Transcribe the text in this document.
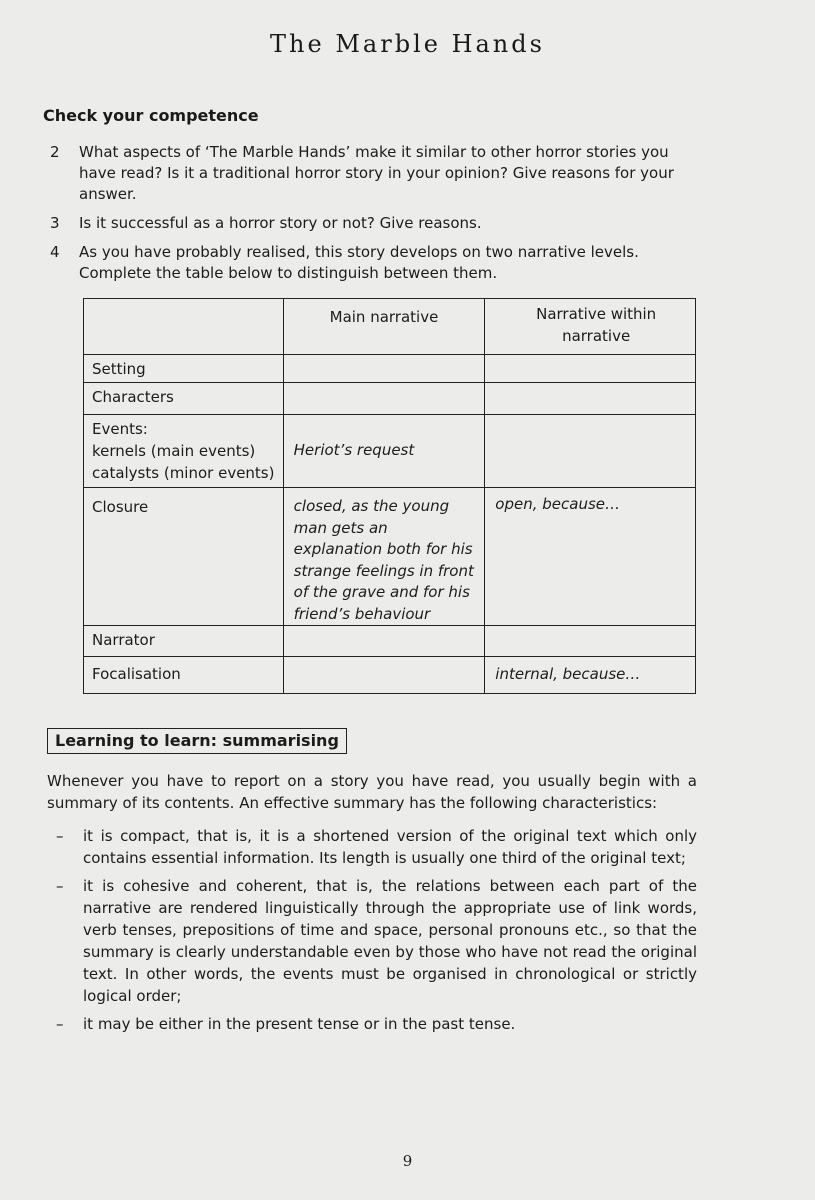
The Marble Hands
Check your competence
2	What aspects of ‘The Marble Hands’ make it similar to other horror stories you have read? Is it a traditional horror story in your opinion? Give reasons for your answer.
3	Is it successful as a horror story or not? Give reasons.
4	As you have probably realised, this story develops on two narrative levels. Complete the table below to distinguish between them.

	Main narrative	Narrative within narrative

Setting		
Characters		
Events:
kernels (main events)
catalysts (minor events)	Heriot’s request	
Closure	closed, as the young man gets an explanation both for his strange feelings in front of the grave and for his friend’s behaviour	open, because…
Narrator		
Focalisation		internal, because…
Learning to learn: summarising
Whenever you have to report on a story you have read, you usually begin with a summary of its contents. An effective summary has the following characteristics:
–	it is compact, that is, it is a shortened version of the original text which only contains essential information. Its length is usually one third of the original text;
–	it is cohesive and coherent, that is, the relations between each part of the narrative are rendered linguistically through the appropriate use of link words, verb tenses, prepositions of time and space, personal pronouns etc., so that the summary is clearly understandable even by those who have not read the original text. In other words, the events must be organised in chronological or strictly logical order;
–	it may be either in the present tense or in the past tense.
9
